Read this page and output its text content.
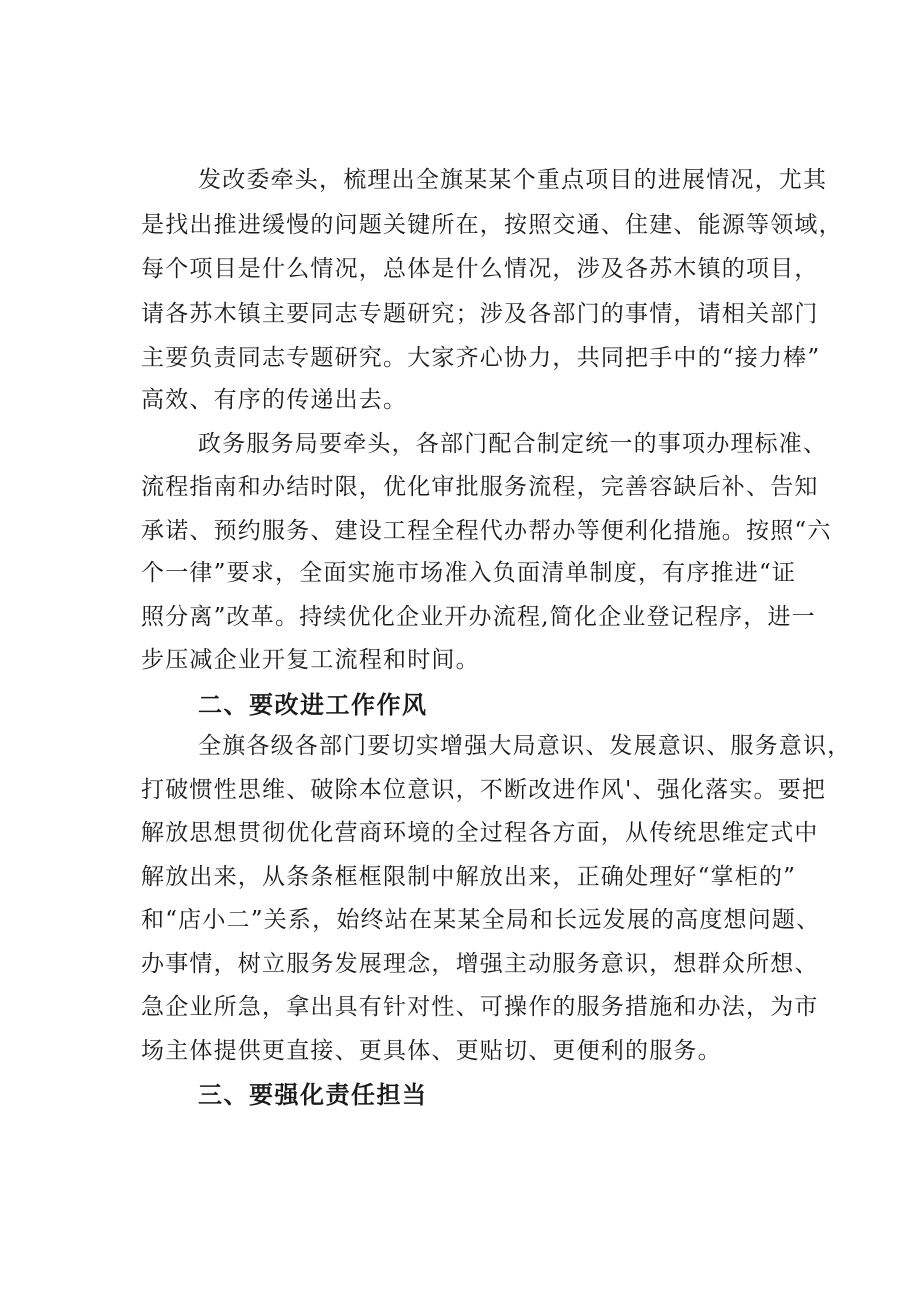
发改委牵头，梳理出全旗某某个重点项目的进展情况，尤其
是找出推进缓慢的问题关键所在，按照交通、住建、能源等领域，
每个项目是什么情况，总体是什么情况，涉及各苏木镇的项目，
请各苏木镇主要同志专题研究；涉及各部门的事情，请相关部门
主要负责同志专题研究。大家齐心协力，共同把手中的“接力棒”
高效、有序的传递出去。
政务服务局要牵头，各部门配合制定统一的事项办理标准、
流程指南和办结时限，优化审批服务流程，完善容缺后补、告知
承诺、预约服务、建设工程全程代办帮办等便利化措施。按照“六
个一律”要求，全面实施市场准入负面清单制度，有序推进“证
照分离”改革。持续优化企业开办流程,简化企业登记程序，进一
步压减企业开复工流程和时间。
二、要改进工作作风
全旗各级各部门要切实增强大局意识、发展意识、服务意识，
打破惯性思维、破除本位意识，不断改进作风'、强化落实。要把
解放思想贯彻优化营商环境的全过程各方面，从传统思维定式中
解放出来，从条条框框限制中解放出来，正确处理好“掌柜的”
和“店小二”关系，始终站在某某全局和长远发展的高度想问题、
办事情，树立服务发展理念，增强主动服务意识，想群众所想、
急企业所急，拿出具有针对性、可操作的服务措施和办法，为市
场主体提供更直接、更具体、更贴切、更便利的服务。
三、要强化责任担当
